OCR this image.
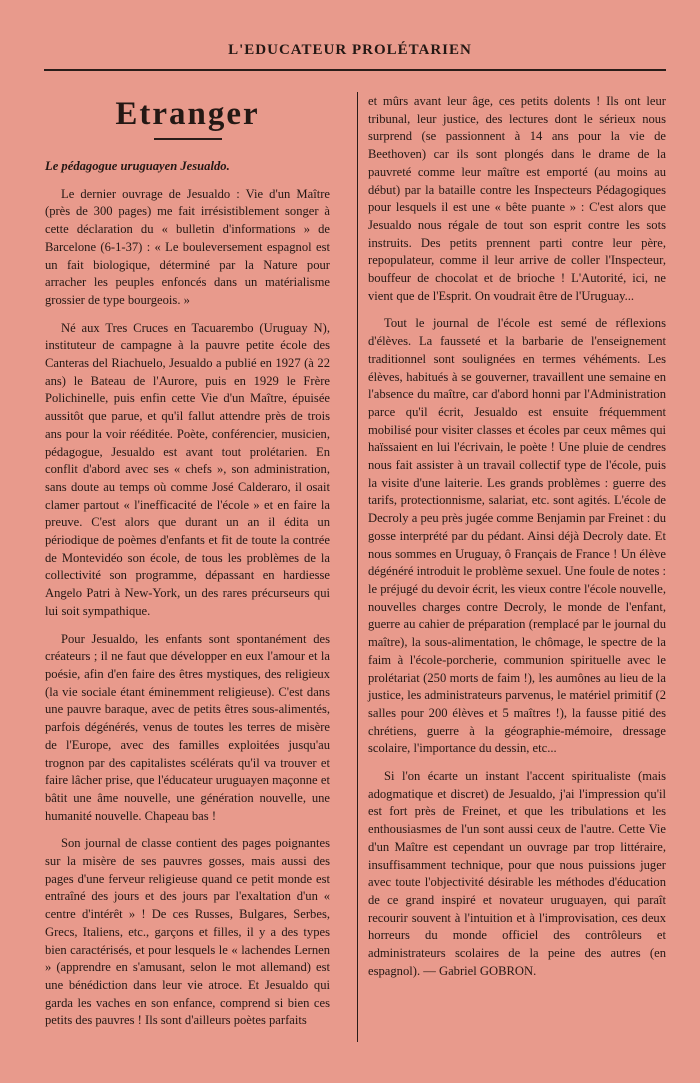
L'EDUCATEUR PROLÉTARIEN
Etranger

Le pédagogue uruguayen Jesualdo.

Le dernier ouvrage de Jesualdo : Vie d'un Maître (près de 300 pages) me fait irrésistiblement songer à cette déclaration du « bulletin d'informations » de Barcelone (6-1-37) : « Le bouleversement espagnol est un fait biologique, déterminé par la Nature pour arracher les peuples enfoncés dans un matérialisme grossier de type bourgeois. »

Né aux Tres Cruces en Tacuarembo (Uruguay N), instituteur de campagne à la pauvre petite école des Canteras del Riachuelo, Jesualdo a publié en 1927 (à 22 ans) le Bateau de l'Aurore, puis en 1929 le Frère Polichinelle, puis enfin cette Vie d'un Maître, épuisée aussitôt que parue, et qu'il fallut attendre près de trois ans pour la voir rééditée. Poète, conférencier, musicien, pédagogue, Jesualdo est avant tout prolétarien. En conflit d'abord avec ses « chefs », son administration, sans doute au temps où comme José Calderaro, il osait clamer partout « l'inefficacité de l'école » et en faire la preuve. C'est alors que durant un an il édita un périodique de poèmes d'enfants et fit de toute la contrée de Montevidéo son école, de tous les problèmes de la collectivité son programme, dépassant en hardiesse Angelo Patri à New-York, un des rares précurseurs qui lui soit sympathique.

Pour Jesualdo, les enfants sont spontanément des créateurs ; il ne faut que développer en eux l'amour et la poésie, afin d'en faire des êtres mystiques, des religieux (la vie sociale étant éminemment religieuse). C'est dans une pauvre baraque, avec de petits êtres sous-alimentés, parfois dégénérés, venus de toutes les terres de misère de l'Europe, avec des familles exploitées jusqu'au trognon par des capitalistes scélérats qu'il va trouver et faire lâcher prise, que l'éducateur uruguayen maçonne et bâtit une âme nouvelle, une génération nouvelle, une humanité nouvelle. Chapeau bas !

Son journal de classe contient des pages poignantes sur la misère de ses pauvres gosses, mais aussi des pages d'une ferveur religieuse quand ce petit monde est entraîné des jours et des jours par l'exaltation d'un « centre d'intérêt » ! De ces Russes, Bulgares, Serbes, Grecs, Italiens, etc., garçons et filles, il y a des types bien caractérisés, et pour lesquels le « lachendes Lernen » (apprendre en s'amusant, selon le mot allemand) est une bénédiction dans leur vie atroce. Et Jesualdo qui garda les vaches en son enfance, comprend si bien ces petits des pauvres ! Ils sont d'ailleurs poètes parfaits

et mûrs avant leur âge, ces petits dolents ! Ils ont leur tribunal, leur justice, des lectures dont le sérieux nous surprend (se passionnent à 14 ans pour la vie de Beethoven) car ils sont plongés dans le drame de la pauvreté comme leur maître est emporté (au moins au début) par la bataille contre les Inspecteurs Pédagogiques pour lesquels il est une « bête puante » : C'est alors que Jesualdo nous régale de tout son esprit contre les sots instruits. Des petits prennent parti contre leur père, repopulateur, comme il leur arrive de coller l'Inspecteur, bouffeur de chocolat et de brioche ! L'Autorité, ici, ne vient que de l'Esprit. On voudrait être de l'Uruguay...

Tout le journal de l'école est semé de réflexions d'élèves. La fausseté et la barbarie de l'enseignement traditionnel sont soulignées en termes véhéments. Les élèves, habitués à se gouverner, travaillent une semaine en l'absence du maître, car d'abord honni par l'Administration parce qu'il écrit, Jesualdo est ensuite fréquemment mobilisé pour visiter classes et écoles par ceux mêmes qui haïssaient en lui l'écrivain, le poète ! Une pluie de cendres nous fait assister à un travail collectif type de l'école, puis la visite d'une laiterie. Les grands problèmes : guerre des tarifs, protectionnisme, salariat, etc. sont agités. L'école de Decroly a peu près jugée comme Benjamin par Freinet : du gosse interprété par du pédant. Ainsi déjà Decroly date. Et nous sommes en Uruguay, ô Français de France ! Un élève dégénéré introduit le problème sexuel. Une foule de notes : le préjugé du devoir écrit, les vieux contre l'école nouvelle, nouvelles charges contre Decroly, le monde de l'enfant, guerre au cahier de préparation (remplacé par le journal du maître), la sous-alimentation, le chômage, le spectre de la faim à l'école-porcherie, communion spirituelle avec le prolétariat (250 morts de faim !), les aumônes au lieu de la justice, les administrateurs parvenus, le matériel primitif (2 salles pour 200 élèves et 5 maîtres !), la fausse pitié des chrétiens, guerre à la géographie-mémoire, dressage scolaire, l'importance du dessin, etc...

Si l'on écarte un instant l'accent spiritualiste (mais adogmatique et discret) de Jesualdo, j'ai l'impression qu'il est fort près de Freinet, et que les tribulations et les enthousiasmes de l'un sont aussi ceux de l'autre. Cette Vie d'un Maître est cependant un ouvrage par trop littéraire, insuffisamment technique, pour que nous puissions juger avec toute l'objectivité désirable les méthodes d'éducation de ce grand inspiré et novateur uruguayen, qui paraît recourir souvent à l'intuition et à l'improvisation, ces deux horreurs du monde officiel des contrôleurs et administrateurs scolaires de la peine des autres (en espagnol). — Gabriel GOBRON.
